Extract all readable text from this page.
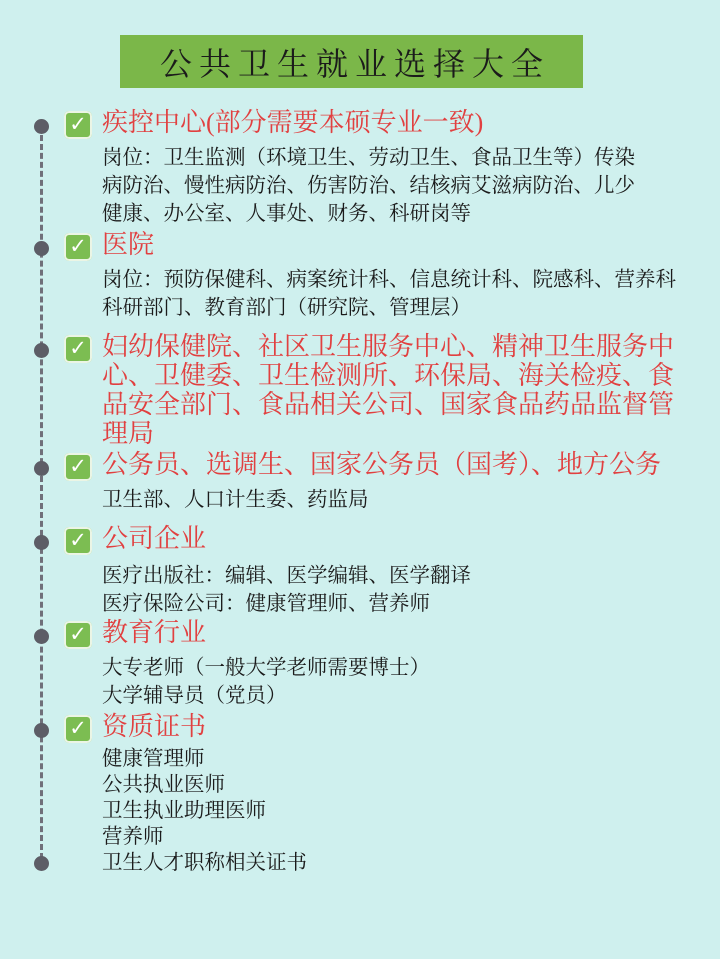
公共卫生就业选择大全
✓ 疾控中心(部分需要本硕专业一致)
岗位：卫生监测（环境卫生、劳动卫生、食品卫生等）传染
病防治、慢性病防治、伤害防治、结核病艾滋病防治、儿少
健康、办公室、人事处、财务、科研岗等
✓ 医院
岗位：预防保健科、病案统计科、信息统计科、院感科、营养科
科研部门、教育部门（研究院、管理层）
✓ 妇幼保健院、社区卫生服务中心、精神卫生服务中心、卫健委、卫生检测所、环保局、海关检疫、食品安全部门、食品相关公司、国家食品药品监督管理局
✓ 公务员、选调生、国家公务员（国考）、地方公务
卫生部、人口计生委、药监局
✓ 公司企业
医疗出版社：编辑、医学编辑、医学翻译
医疗保险公司：健康管理师、营养师
✓ 教育行业
大专老师（一般大学老师需要博士）
大学辅导员（党员）
✓ 资质证书
健康管理师
公共执业医师
卫生执业助理医师
营养师
卫生人才职称相关证书
